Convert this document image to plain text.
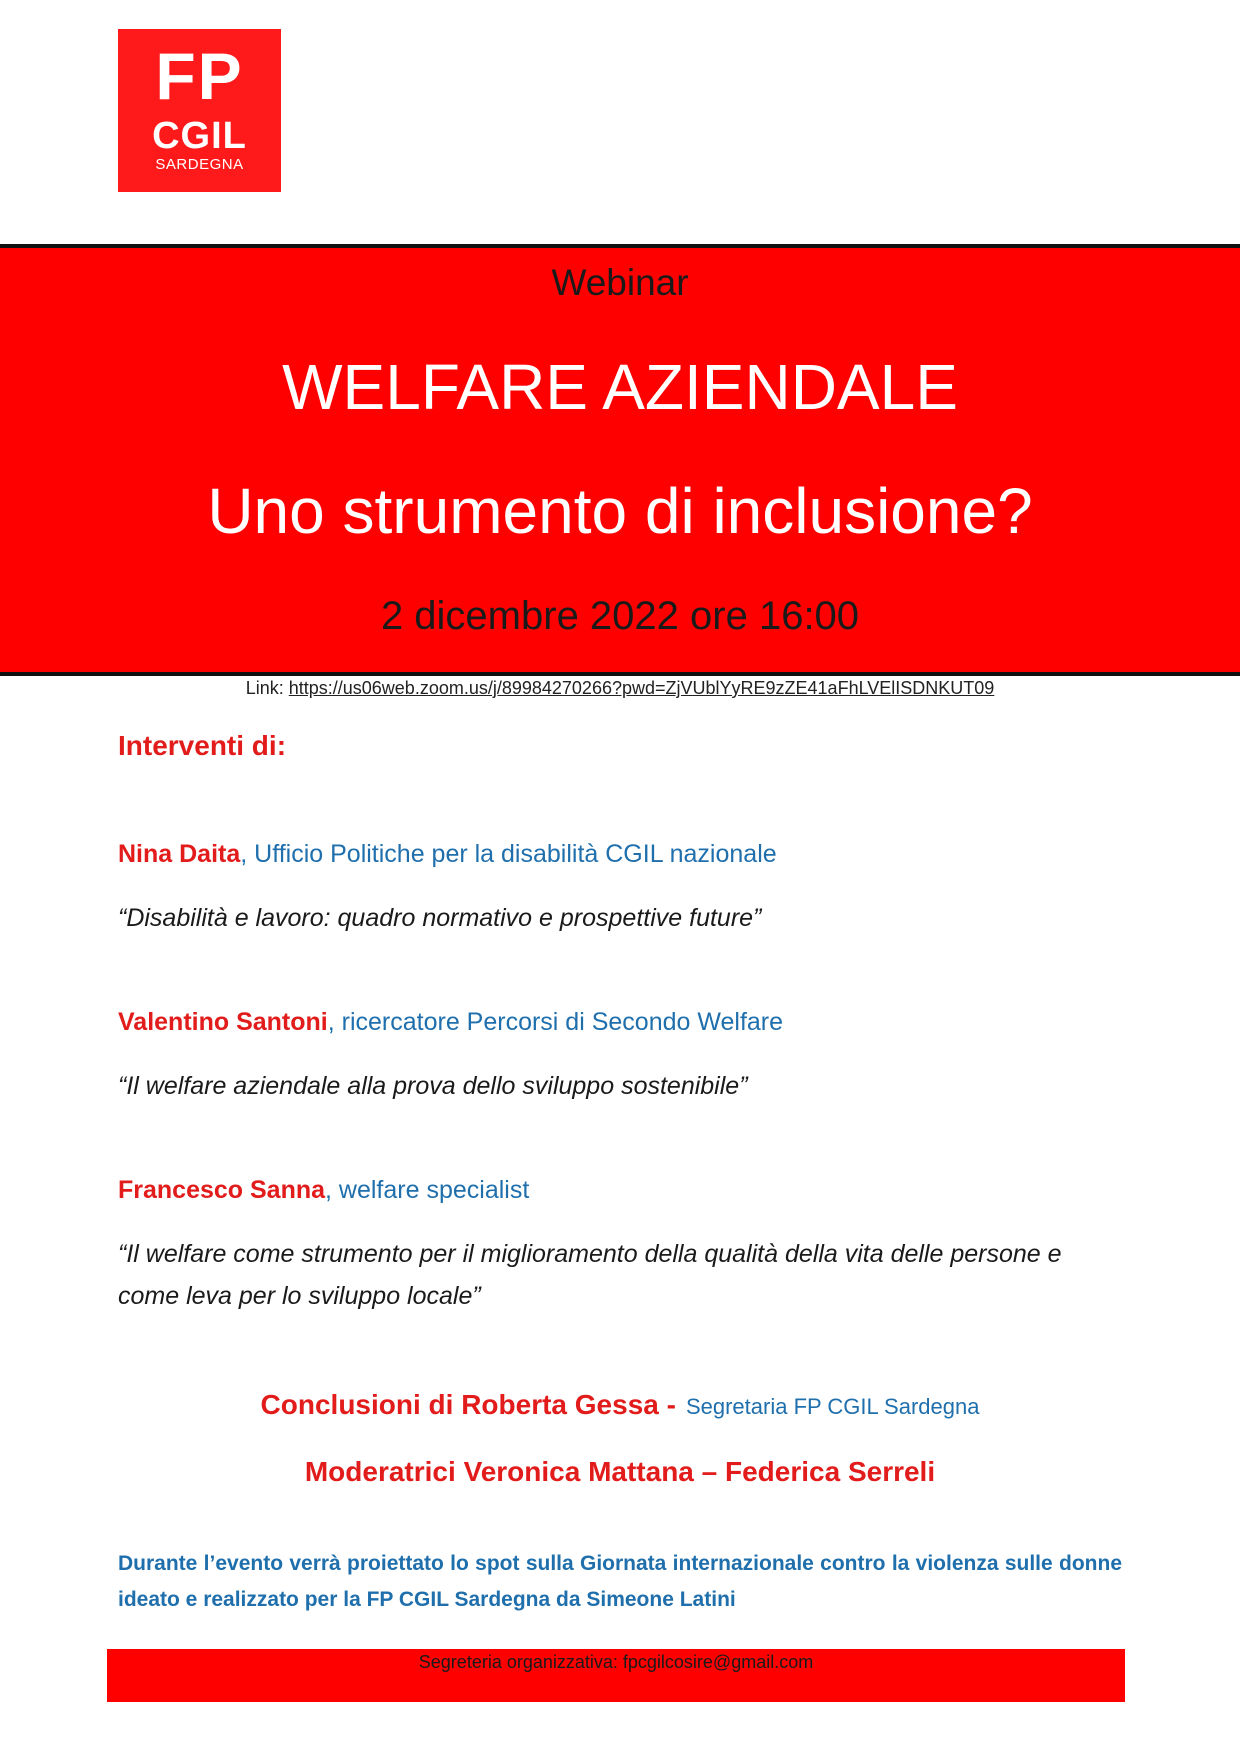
FP
CGIL
SARDEGNA
Webinar
WELFARE AZIENDALE
Uno strumento di inclusione?
2 dicembre 2022 ore 16:00
Link: https://us06web.zoom.us/j/89984270266?pwd=ZjVUblYyRE9zZE41aFhLVElISDNKUT09
Interventi di:
Nina Daita, Ufficio Politiche per la disabilità CGIL nazionale
“Disabilità e lavoro: quadro normativo e prospettive future”
Valentino Santoni, ricercatore Percorsi di Secondo Welfare
“Il welfare aziendale alla prova dello sviluppo sostenibile”
Francesco Sanna, welfare specialist
“Il welfare come strumento per il miglioramento della qualità della vita delle persone e come leva per lo sviluppo locale”
Conclusioni di Roberta Gessa - Segretaria FP CGIL Sardegna
Moderatrici Veronica Mattana – Federica Serreli
Durante l’evento verrà proiettato lo spot sulla Giornata internazionale contro la violenza sulle donne ideato e realizzato per la FP CGIL Sardegna da Simeone Latini
Segreteria organizzativa: fpcgilcosire@gmail.com
